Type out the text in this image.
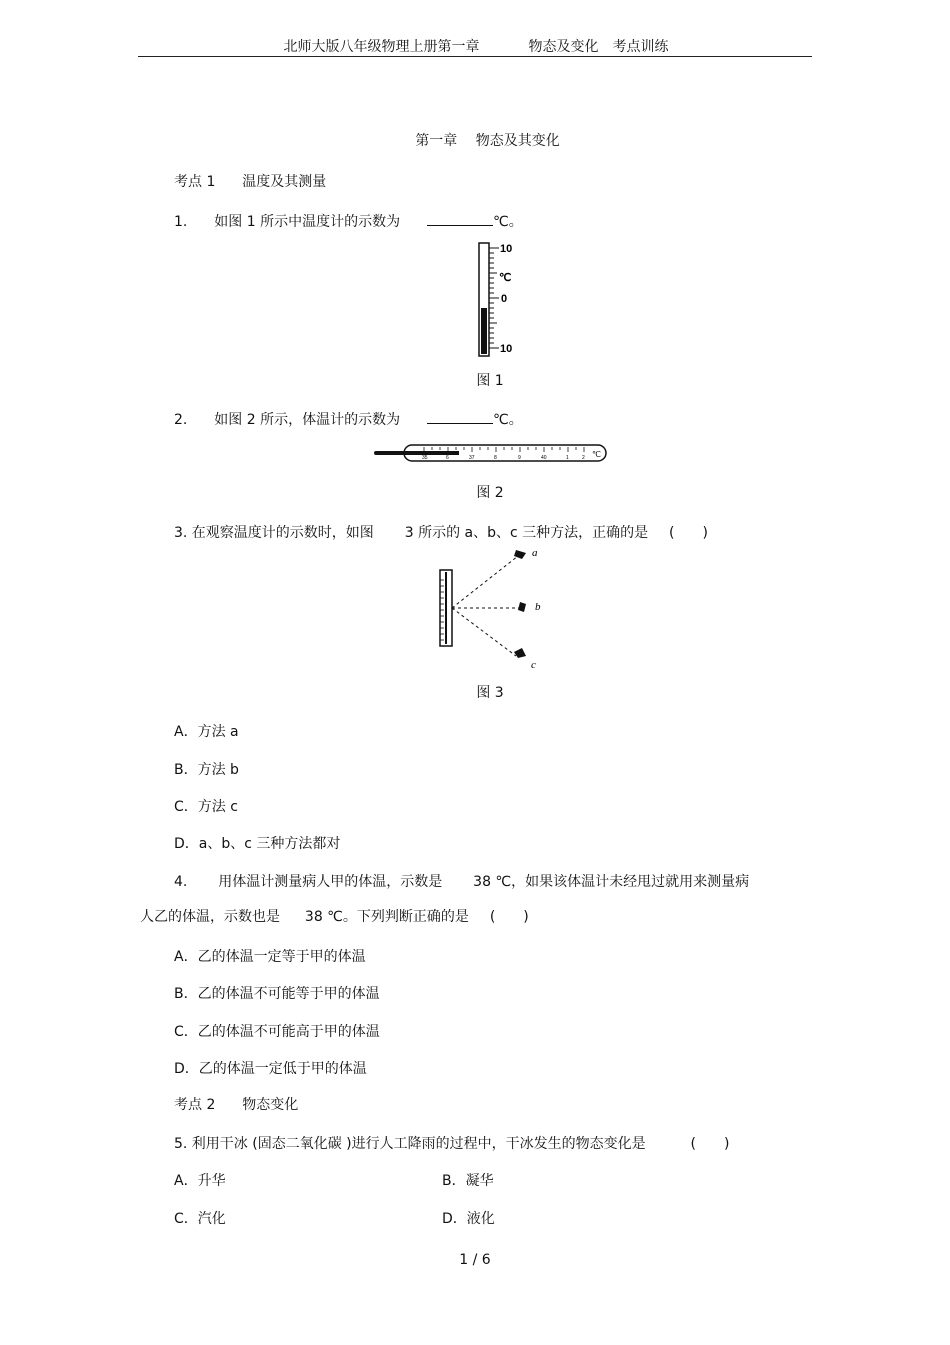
北师大版八年级物理上册第一章	物态及变化　考点训练
第一章　 物态及其变化
考点 1 温度及其测量
1. 如图 1 所示中温度计的示数为	℃。
10
℃
0
10
图 1
2. 如图 2 所示，体温计的示数为	℃。
35	6	37	8	9	40	1	2 ℃
图 2
3. 在观察温度计的示数时，如图 3 所示的 a、b、c 三种方法，正确的是 (　　)
a
b
c
图 3
A．方法 a
B．方法 b
C．方法 c
D．a、b、c 三种方法都对
4. 用体温计测量病人甲的体温，示数是 38 ℃，如果该体温计未经甩过就用来测量病
人乙的体温，示数也是 38 ℃。下列判断正确的是 (　　)
A．乙的体温一定等于甲的体温
B．乙的体温不可能等于甲的体温
C．乙的体温不可能高于甲的体温
D．乙的体温一定低于甲的体温
考点 2 物态变化
5. 利用干冰 (固态二氧化碳 )进行人工降雨的过程中，干冰发生的物态变化是	(　　)
A．升华	B．凝华
C．汽化	D．液化
1 / 6
